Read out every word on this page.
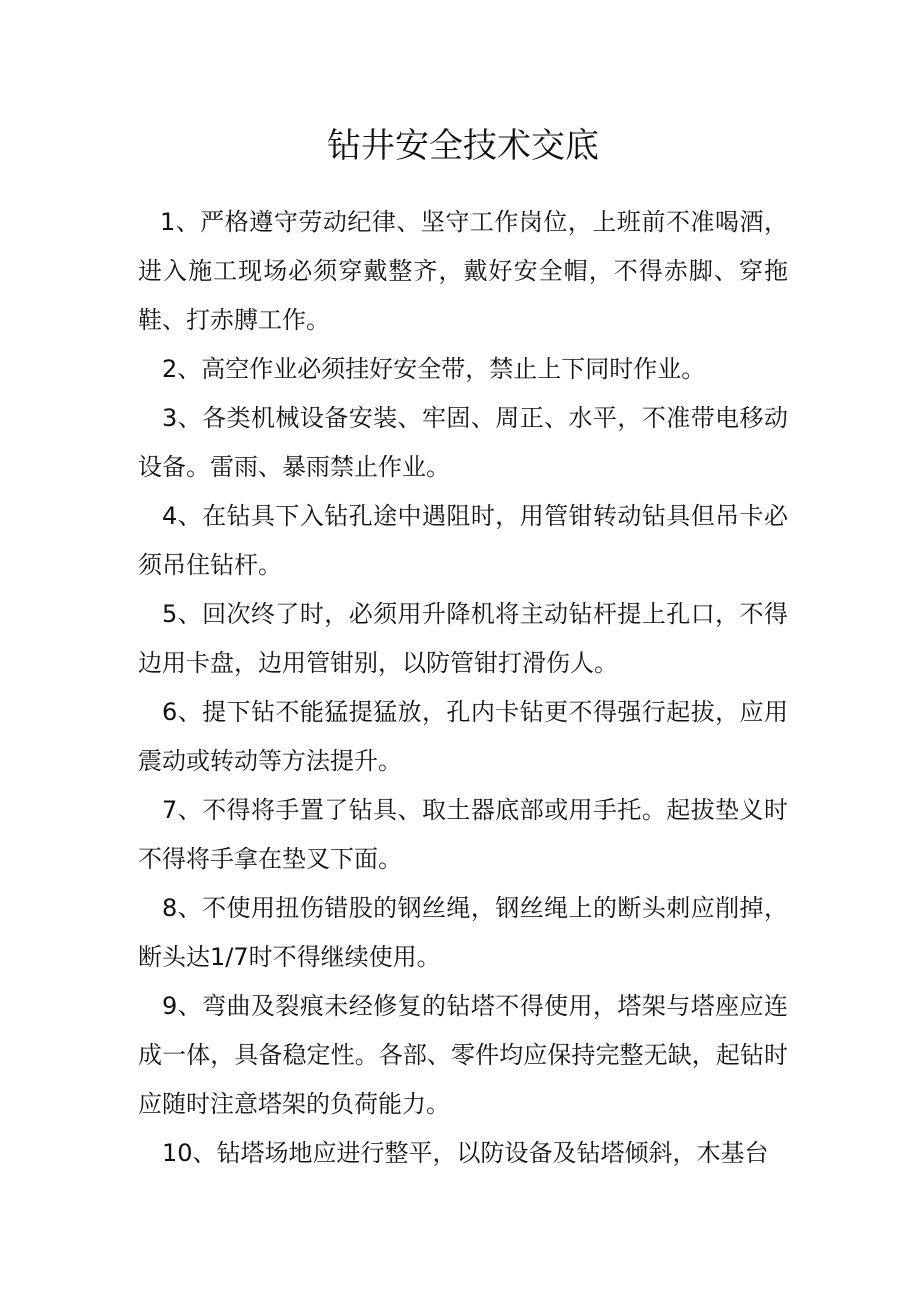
钻井安全技术交底

1、严格遵守劳动纪律、坚守工作岗位，上班前不准喝酒，进入施工现场必须穿戴整齐，戴好安全帽，不得赤脚、穿拖鞋、打赤膊工作。

2、高空作业必须挂好安全带，禁止上下同时作业。

3、各类机械设备安装、牢固、周正、水平，不准带电移动设备。雷雨、暴雨禁止作业。

4、在钻具下入钻孔途中遇阻时，用管钳转动钻具但吊卡必须吊住钻杆。

5、回次终了时，必须用升降机将主动钻杆提上孔口，不得边用卡盘，边用管钳别，以防管钳打滑伤人。

6、提下钻不能猛提猛放，孔内卡钻更不得强行起拔，应用震动或转动等方法提升。

7、不得将手置了钻具、取土器底部或用手托。起拔垫义时不得将手拿在垫叉下面。

8、不使用扭伤错股的钢丝绳，钢丝绳上的断头刺应削掉，断头达1/7时不得继续使用。

9、弯曲及裂痕未经修复的钻塔不得使用，塔架与塔座应连成一体，具备稳定性。各部、零件均应保持完整无缺，起钻时应随时注意塔架的负荷能力。

10、钻塔场地应进行整平，以防设备及钻塔倾斜，木基台
